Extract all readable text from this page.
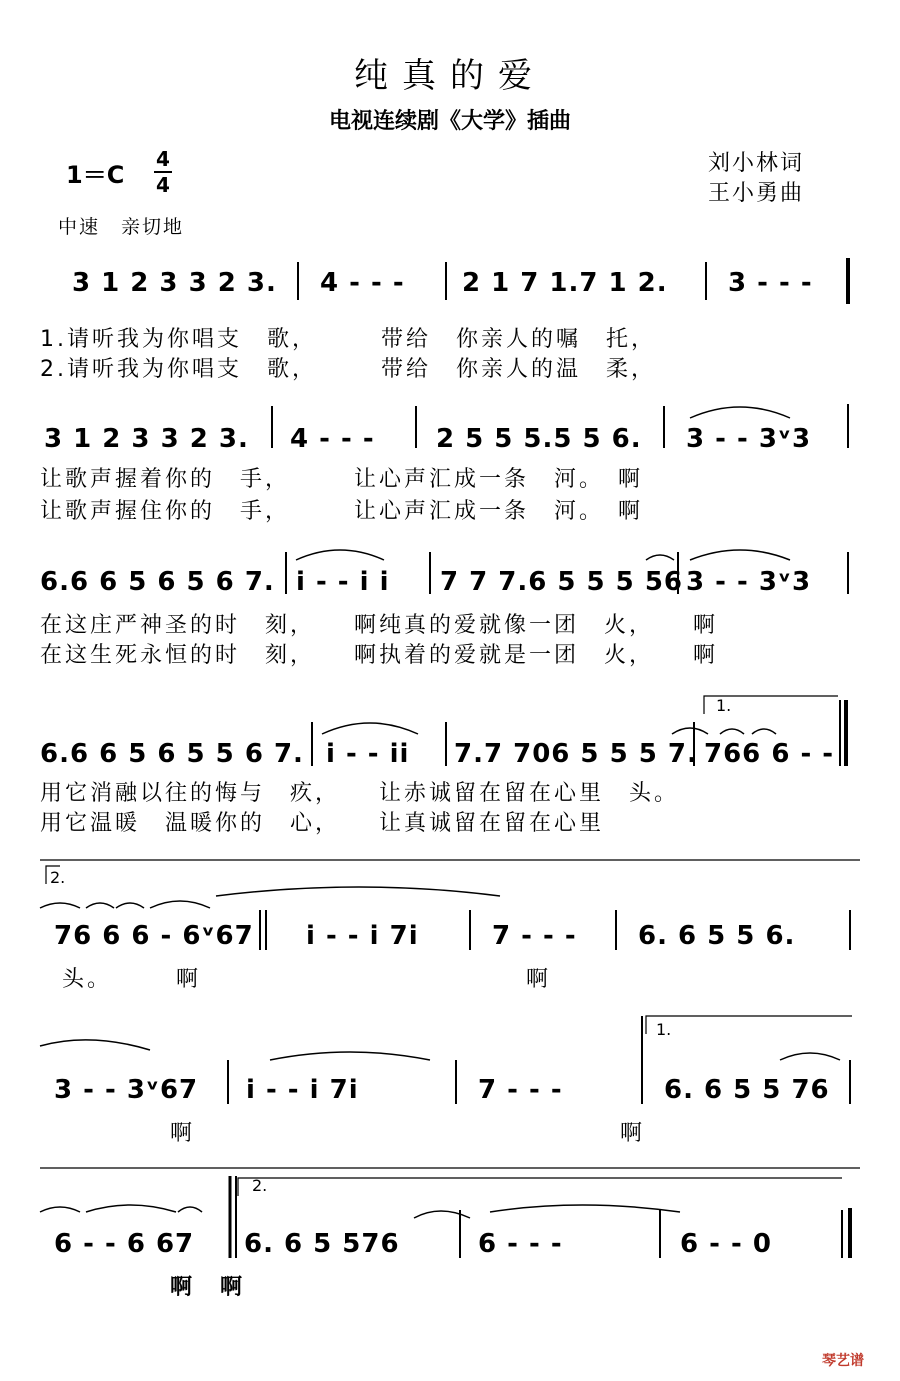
纯真的爱
电视连续剧《大学》插曲
刘小林词
王小勇曲
1＝C
4
4
中速　亲切地
3 1 2 3 3 2 3. 4 - - - 2 1 7 1.7 1 2. 3 - - -
1.请听我为你唱支　歌，　　　带给　你亲人的嘱　托，
2.请听我为你唱支　歌，　　　带给　你亲人的温　柔，
3 1 2 3 3 2 3. 4 - - - 2 5 5 5.5 5 6. 3 - - 3ᵛ3
让歌声握着你的　手，　　　让心声汇成一条　河。　啊
让歌声握住你的　手，　　　让心声汇成一条　河。　啊
6.6 6 5 6 5 6 7. i - - i i 7 7 7.6 5 5 5 56 3 - - 3ᵛ3
在这庄严神圣的时　刻，　　啊纯真的爱就像一团　火，　　啊
在这生死永恒的时　刻，　　啊执着的爱就是一团　火，　　啊
1.
6.6 6 5 6 5 5 6 7. i - - ii 7.7 706 5 5 5 7. 766 6 - -
用它消融以往的悔与　疚，　　让赤诚留在留在心里　头。
用它温暖　温暖你的　心，　　让真诚留在留在心里
2.
76 6 6 - 6ᵛ67 i - - i 7i	7 - - - 6. 6 5 5 6.
头。　　　啊　　　　　　　　　　　　　啊
1.
3 - - 3ᵛ67 i - - i 7i	7 - - -	6. 6 5 5 76
啊　　　　　　　　　　　　　　　　　啊
2.
6 - - 6 67 6. 6 5 576	6 - - -	6 - - 0
啊　啊
琴艺谱
